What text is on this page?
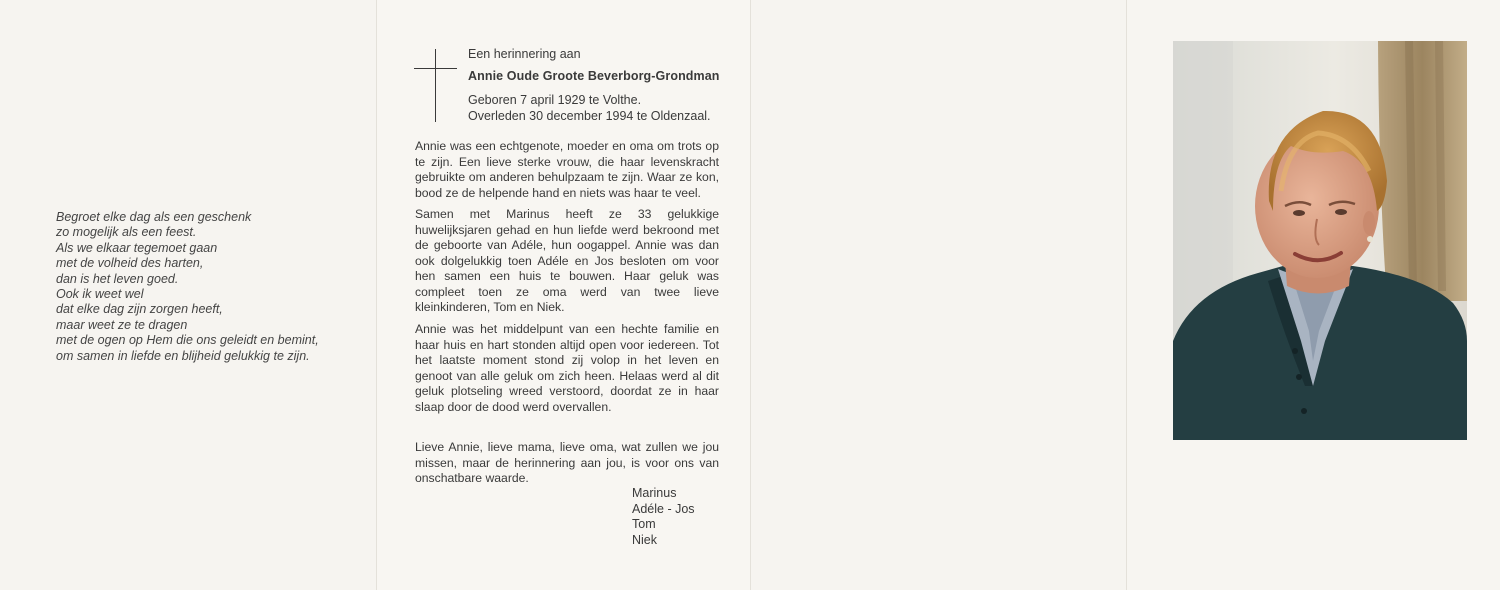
Begroet elke dag als een geschenk
zo mogelijk als een feest.
Als we elkaar tegemoet gaan
met de volheid des harten,
dan is het leven goed.
Ook ik weet wel
dat elke dag zijn zorgen heeft,
maar weet ze te dragen
met de ogen op Hem die ons geleidt en bemint,
om samen in liefde en blijheid gelukkig te zijn.
Een herinnering aan
Annie Oude Groote Beverborg-Grondman
Geboren 7 april 1929 te Volthe.
Overleden 30 december 1994 te Oldenzaal.
Annie was een echtgenote, moeder en oma om trots op te zijn. Een lieve sterke vrouw, die haar levenskracht gebruikte om anderen behulpzaam te zijn. Waar ze kon, bood ze de helpende hand en niets was haar te veel.
Samen met Marinus heeft ze 33 gelukkige huwelijksjaren gehad en hun liefde werd bekroond met de geboorte van Adéle, hun oogappel. Annie was dan ook dolgelukkig toen Adéle en Jos besloten om voor hen samen een huis te bouwen. Haar geluk was compleet toen ze oma werd van twee lieve kleinkinderen, Tom en Niek.
Annie was het middelpunt van een hechte familie en haar huis en hart stonden altijd open voor iedereen. Tot het laatste moment stond zij volop in het leven en genoot van alle geluk om zich heen. Helaas werd al dit geluk plotseling wreed verstoord, doordat ze in haar slaap door de dood werd overvallen.
Lieve Annie, lieve mama, lieve oma, wat zullen we jou missen, maar de herinnering aan jou, is voor ons van onschatbare waarde.
Marinus
Adéle - Jos
Tom
Niek
